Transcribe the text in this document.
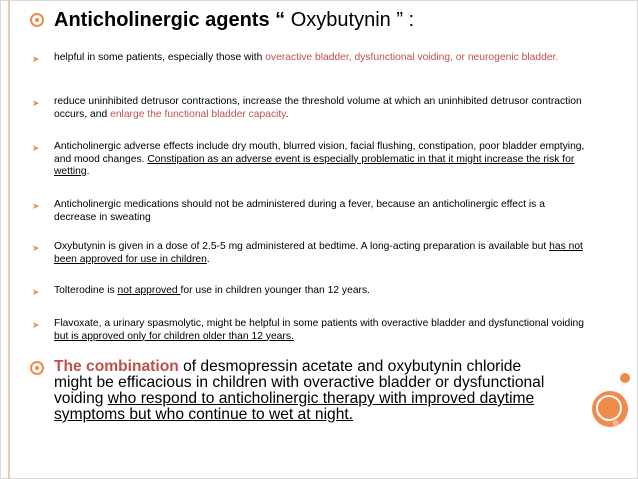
Anticholinergic agents “ Oxybutynin ” :
➤ helpful in some patients, especially those with overactive bladder, dysfunctional voiding, or neurogenic bladder.
➤ reduce uninhibited detrusor contractions, increase the threshold volume at which an uninhibited detrusor contraction occurs, and enlarge the functional bladder capacity.
➤ Anticholinergic adverse effects include dry mouth, blurred vision, facial flushing, constipation, poor bladder emptying, and mood changes. Constipation as an adverse event is especially problematic in that it might increase the risk for wetting.
➤ Anticholinergic medications should not be administered during a fever, because an anticholinergic effect is a decrease in sweating
➤ Oxybutynin is given in a dose of 2.5-5 mg administered at bedtime. A long-acting preparation is available but has not been approved for use in children.
➤ Tolterodine is not approved for use in children younger than 12 years.
➤ Flavoxate, a urinary spasmolytic, might be helpful in some patients with overactive bladder and dysfunctional voiding but is approved only for children older than 12 years.
The combination of desmopressin acetate and oxybutynin chloride might be efficacious in children with overactive bladder or dysfunctional voiding who respond to anticholinergic therapy with improved daytime symptoms but who continue to wet at night.
